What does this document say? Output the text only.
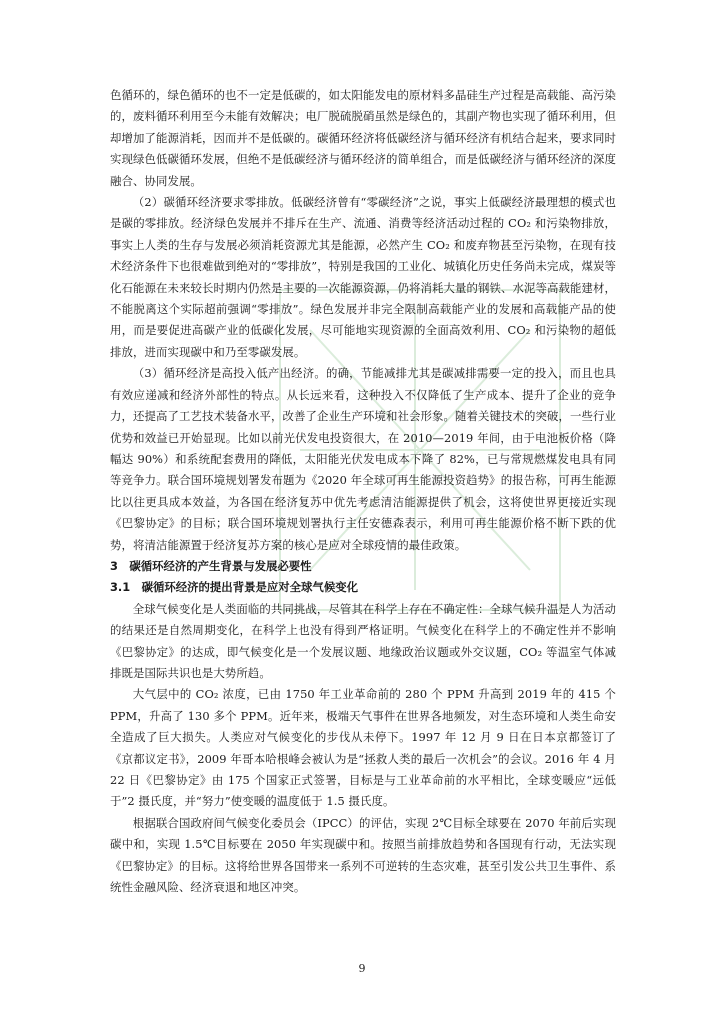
色循环的，绿色循环的也不一定是低碳的，如太阳能发电的原材料多晶硅生产过程是高载能、高污染的，废料循环利用至今未能有效解决；电厂脱硫脱硝虽然是绿色的，其副产物也实现了循环利用，但却增加了能源消耗，因而并不是低碳的。碳循环经济将低碳经济与循环经济有机结合起来，要求同时实现绿色低碳循环发展，但绝不是低碳经济与循环经济的简单组合，而是低碳经济与循环经济的深度融合、协同发展。

（2）碳循环经济要求零排放。低碳经济曾有“零碳经济”之说，事实上低碳经济最理想的模式也是碳的零排放。经济绿色发展并不排斥在生产、流通、消费等经济活动过程的 CO₂ 和污染物排放，事实上人类的生存与发展必须消耗资源尤其是能源，必然产生 CO₂ 和废弃物甚至污染物，在现有技术经济条件下也很难做到绝对的“零排放”，特别是我国的工业化、城镇化历史任务尚未完成，煤炭等化石能源在未来较长时期内仍然是主要的一次能源资源，仍将消耗大量的钢铁、水泥等高载能建材，不能脱离这个实际超前强调“零排放”。绿色发展并非完全限制高载能产业的发展和高载能产品的使用，而是要促进高碳产业的低碳化发展，尽可能地实现资源的全面高效利用、CO₂ 和污染物的超低排放，进而实现碳中和乃至零碳发展。

（3）循环经济是高投入低产出经济。的确，节能减排尤其是碳减排需要一定的投入，而且也具有效应递减和经济外部性的特点。从长远来看，这种投入不仅降低了生产成本、提升了企业的竞争力，还提高了工艺技术装备水平，改善了企业生产环境和社会形象。随着关键技术的突破，一些行业优势和效益已开始显现。比如以前光伏发电投资很大，在 2010—2019 年间，由于电池板价格（降幅达 90%）和系统配套费用的降低，太阳能光伏发电成本下降了 82%，已与常规燃煤发电具有同等竞争力。联合国环境规划署发布题为《2020 年全球可再生能源投资趋势》的报告称，可再生能源比以往更具成本效益，为各国在经济复苏中优先考虑清洁能源提供了机会，这将使世界更接近实现《巴黎协定》的目标；联合国环境规划署执行主任安德森表示，利用可再生能源价格不断下跌的优势，将清洁能源置于经济复苏方案的核心是应对全球疫情的最佳政策。

3　碳循环经济的产生背景与发展必要性

3.1　碳循环经济的提出背景是应对全球气候变化

全球气候变化是人类面临的共同挑战，尽管其在科学上存在不确定性：全球气候升温是人为活动的结果还是自然周期变化，在科学上也没有得到严格证明。气候变化在科学上的不确定性并不影响《巴黎协定》的达成，即气候变化是一个发展议题、地缘政治议题或外交议题，CO₂ 等温室气体减排既是国际共识也是大势所趋。

大气层中的 CO₂ 浓度，已由 1750 年工业革命前的 280 个 PPM 升高到 2019 年的 415 个 PPM，升高了 130 多个 PPM。近年来，极端天气事件在世界各地频发，对生态环境和人类生命安全造成了巨大损失。人类应对气候变化的步伐从未停下。1997 年 12 月 9 日在日本京都签订了《京都议定书》，2009 年哥本哈根峰会被认为是“拯救人类的最后一次机会”的会议。2016 年 4 月 22 日《巴黎协定》由 175 个国家正式签署，目标是与工业革命前的水平相比，全球变暖应“远低于”2 摄氏度，并“努力”使变暖的温度低于 1.5 摄氏度。

根据联合国政府间气候变化委员会（IPCC）的评估，实现 2℃目标全球要在 2070 年前后实现碳中和，实现 1.5℃目标要在 2050 年实现碳中和。按照当前排放趋势和各国现有行动，无法实现《巴黎协定》的目标。这将给世界各国带来一系列不可逆转的生态灾难，甚至引发公共卫生事件、系统性金融风险、经济衰退和地区冲突。

9
